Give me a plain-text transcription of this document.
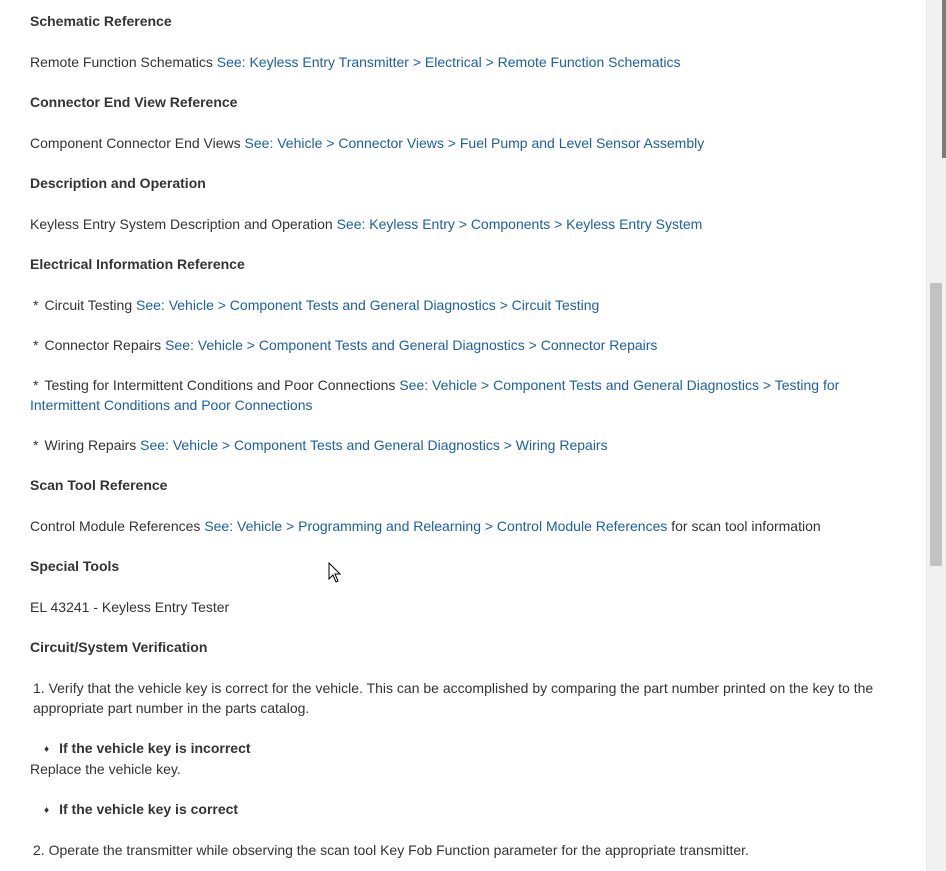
Schematic Reference
Remote Function Schematics See: Keyless Entry Transmitter > Electrical > Remote Function Schematics
Connector End View Reference
Component Connector End Views See: Vehicle > Connector Views > Fuel Pump and Level Sensor Assembly
Description and Operation
Keyless Entry System Description and Operation See: Keyless Entry > Components > Keyless Entry System
Electrical Information Reference
* Circuit Testing See: Vehicle > Component Tests and General Diagnostics > Circuit Testing
* Connector Repairs See: Vehicle > Component Tests and General Diagnostics > Connector Repairs
* Testing for Intermittent Conditions and Poor Connections See: Vehicle > Component Tests and General Diagnostics > Testing for Intermittent Conditions and Poor Connections
* Wiring Repairs See: Vehicle > Component Tests and General Diagnostics > Wiring Repairs
Scan Tool Reference
Control Module References See: Vehicle > Programming and Relearning > Control Module References for scan tool information
Special Tools
EL 43241 - Keyless Entry Tester
Circuit/System Verification
1. Verify that the vehicle key is correct for the vehicle. This can be accomplished by comparing the part number printed on the key to the appropriate part number in the parts catalog.
♦ If the vehicle key is incorrect
Replace the vehicle key.
♦ If the vehicle key is correct
2. Operate the transmitter while observing the scan tool Key Fob Function parameter for the appropriate transmitter.
